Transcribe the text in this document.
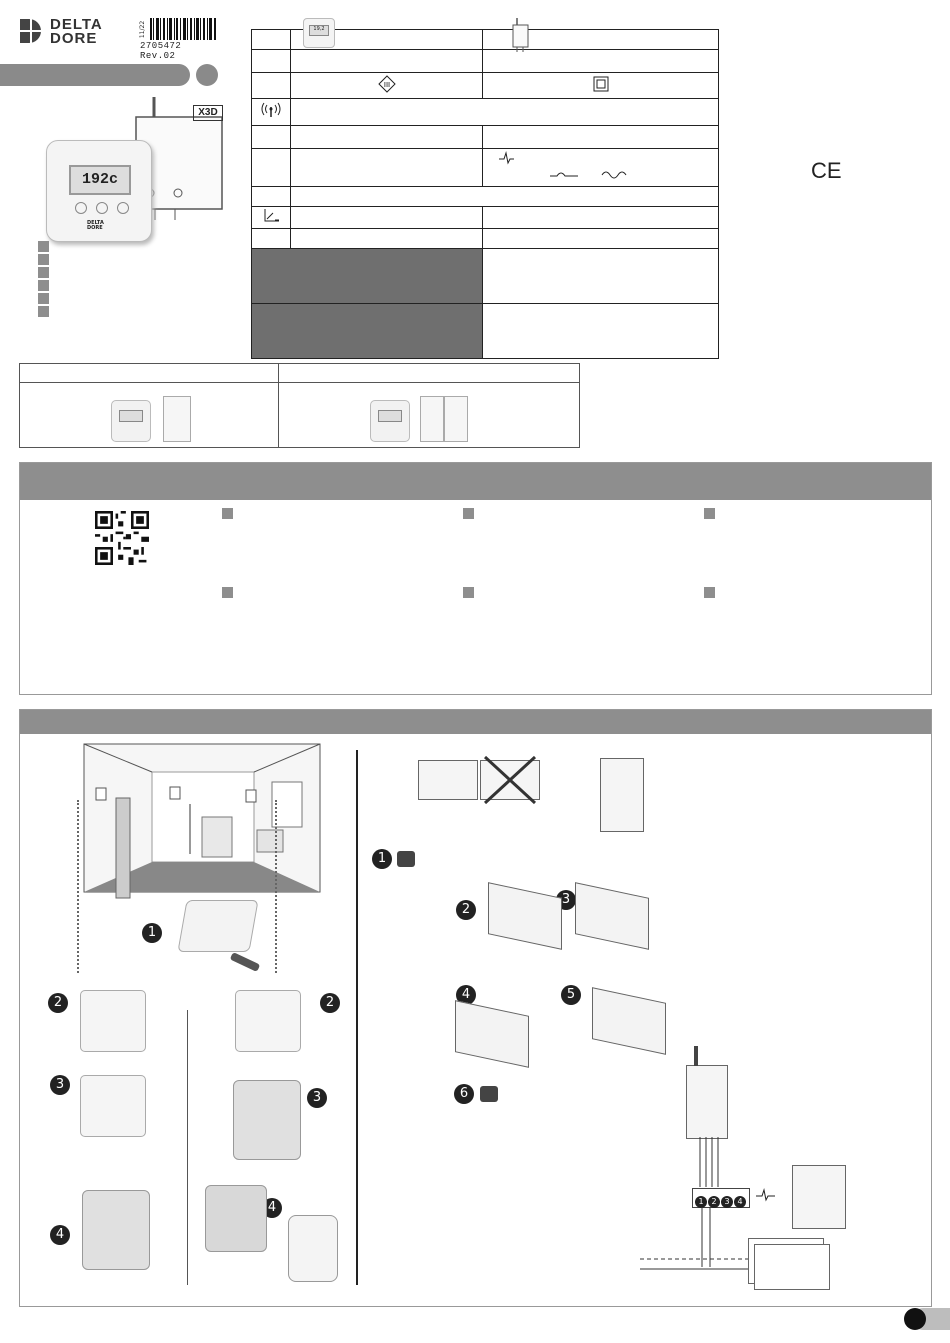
DELTA
DORE
11/22
2705472 Rev.02
X3D
192c

DELTA
DORE

	19,2

III

CE
1
2
3
4
2
3
4
1
2
3
4	5
6
1 2 3 4
